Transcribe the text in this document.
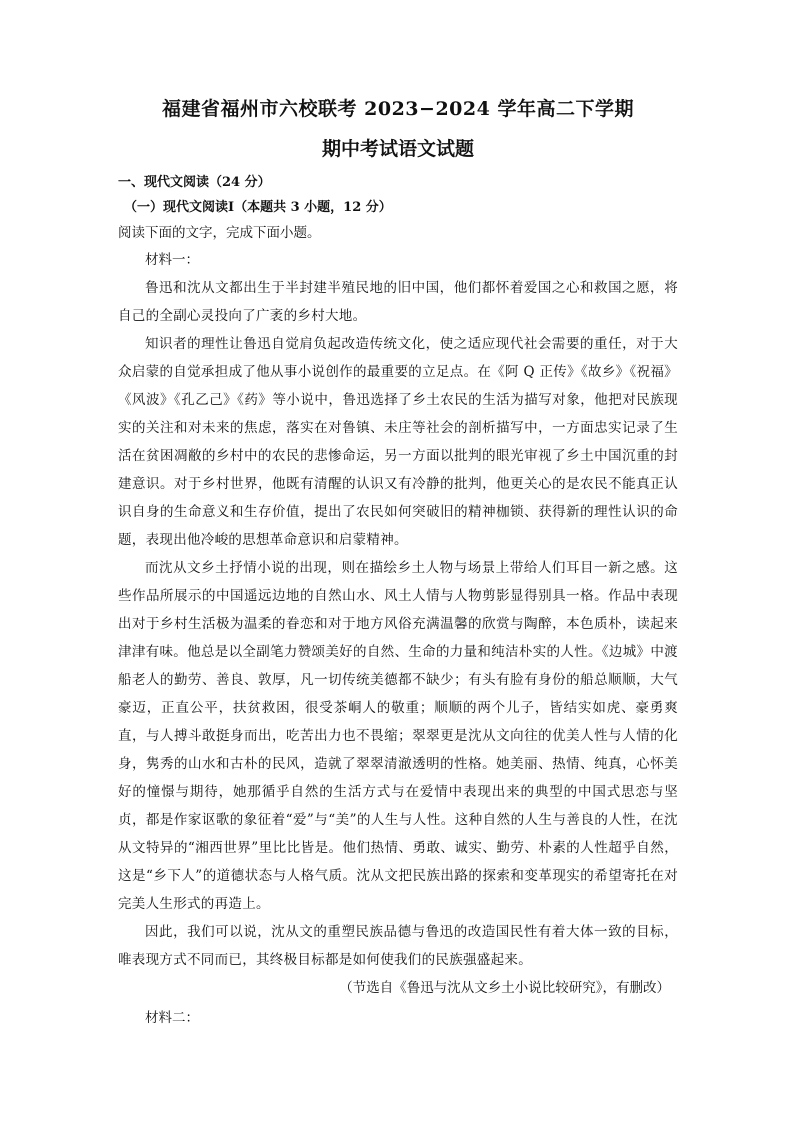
福建省福州市六校联考 2023−2024 学年高二下学期
期中考试语文试题
一、现代文阅读（24 分）
（一）现代文阅读Ⅰ（本题共 3 小题，12 分）
阅读下面的文字，完成下面小题。
材料一：

鲁迅和沈从文都出生于半封建半殖民地的旧中国，他们都怀着爱国之心和救国之愿，将自己的全副心灵投向了广袤的乡村大地。

知识者的理性让鲁迅自觉肩负起改造传统文化，使之适应现代社会需要的重任，对于大众启蒙的自觉承担成了他从事小说创作的最重要的立足点。在《阿 Q 正传》《故乡》《祝福》《风波》《孔乙己》《药》等小说中，鲁迅选择了乡土农民的生活为描写对象，他把对民族现实的关注和对未来的焦虑，落实在对鲁镇、未庄等社会的剖析描写中，一方面忠实记录了生活在贫困凋敝的乡村中的农民的悲惨命运，另一方面以批判的眼光审视了乡土中国沉重的封建意识。对于乡村世界，他既有清醒的认识又有冷静的批判，他更关心的是农民不能真正认识自身的生命意义和生存价值，提出了农民如何突破旧的精神枷锁、获得新的理性认识的命题，表现出他冷峻的思想革命意识和启蒙精神。

而沈从文乡土抒情小说的出现，则在描绘乡土人物与场景上带给人们耳目一新之感。这些作品所展示的中国遥远边地的自然山水、风土人情与人物剪影显得别具一格。作品中表现出对于乡村生活极为温柔的眷恋和对于地方风俗充满温馨的欣赏与陶醉，本色质朴，读起来津津有味。他总是以全副笔力赞颂美好的自然、生命的力量和纯洁朴实的人性。《边城》中渡船老人的勤劳、善良、敦厚，凡一切传统美德都不缺少；有头有脸有身份的船总顺顺，大气豪迈，正直公平，扶贫救困，很受茶峒人的敬重；顺顺的两个儿子，皆结实如虎、豪勇爽直，与人搏斗敢挺身而出，吃苦出力也不畏缩；翠翠更是沈从文向往的优美人性与人情的化身，隽秀的山水和古朴的民风，造就了翠翠清澈透明的性格。她美丽、热情、纯真，心怀美好的憧憬与期待，她那循乎自然的生活方式与在爱情中表现出来的典型的中国式思恋与坚贞，都是作家讴歌的象征着“爱”与“美”的人生与人性。这种自然的人生与善良的人性，在沈从文特异的“湘西世界”里比比皆是。他们热情、勇敢、诚实、勤劳、朴素的人性超乎自然，这是“乡下人”的道德状态与人格气质。沈从文把民族出路的探索和变革现实的希望寄托在对完美人生形式的再造上。

因此，我们可以说，沈从文的重塑民族品德与鲁迅的改造国民性有着大体一致的目标，唯表现方式不同而已，其终极目标都是如何使我们的民族强盛起来。

（节选自《鲁迅与沈从文乡土小说比较研究》，有删改）
材料二：
